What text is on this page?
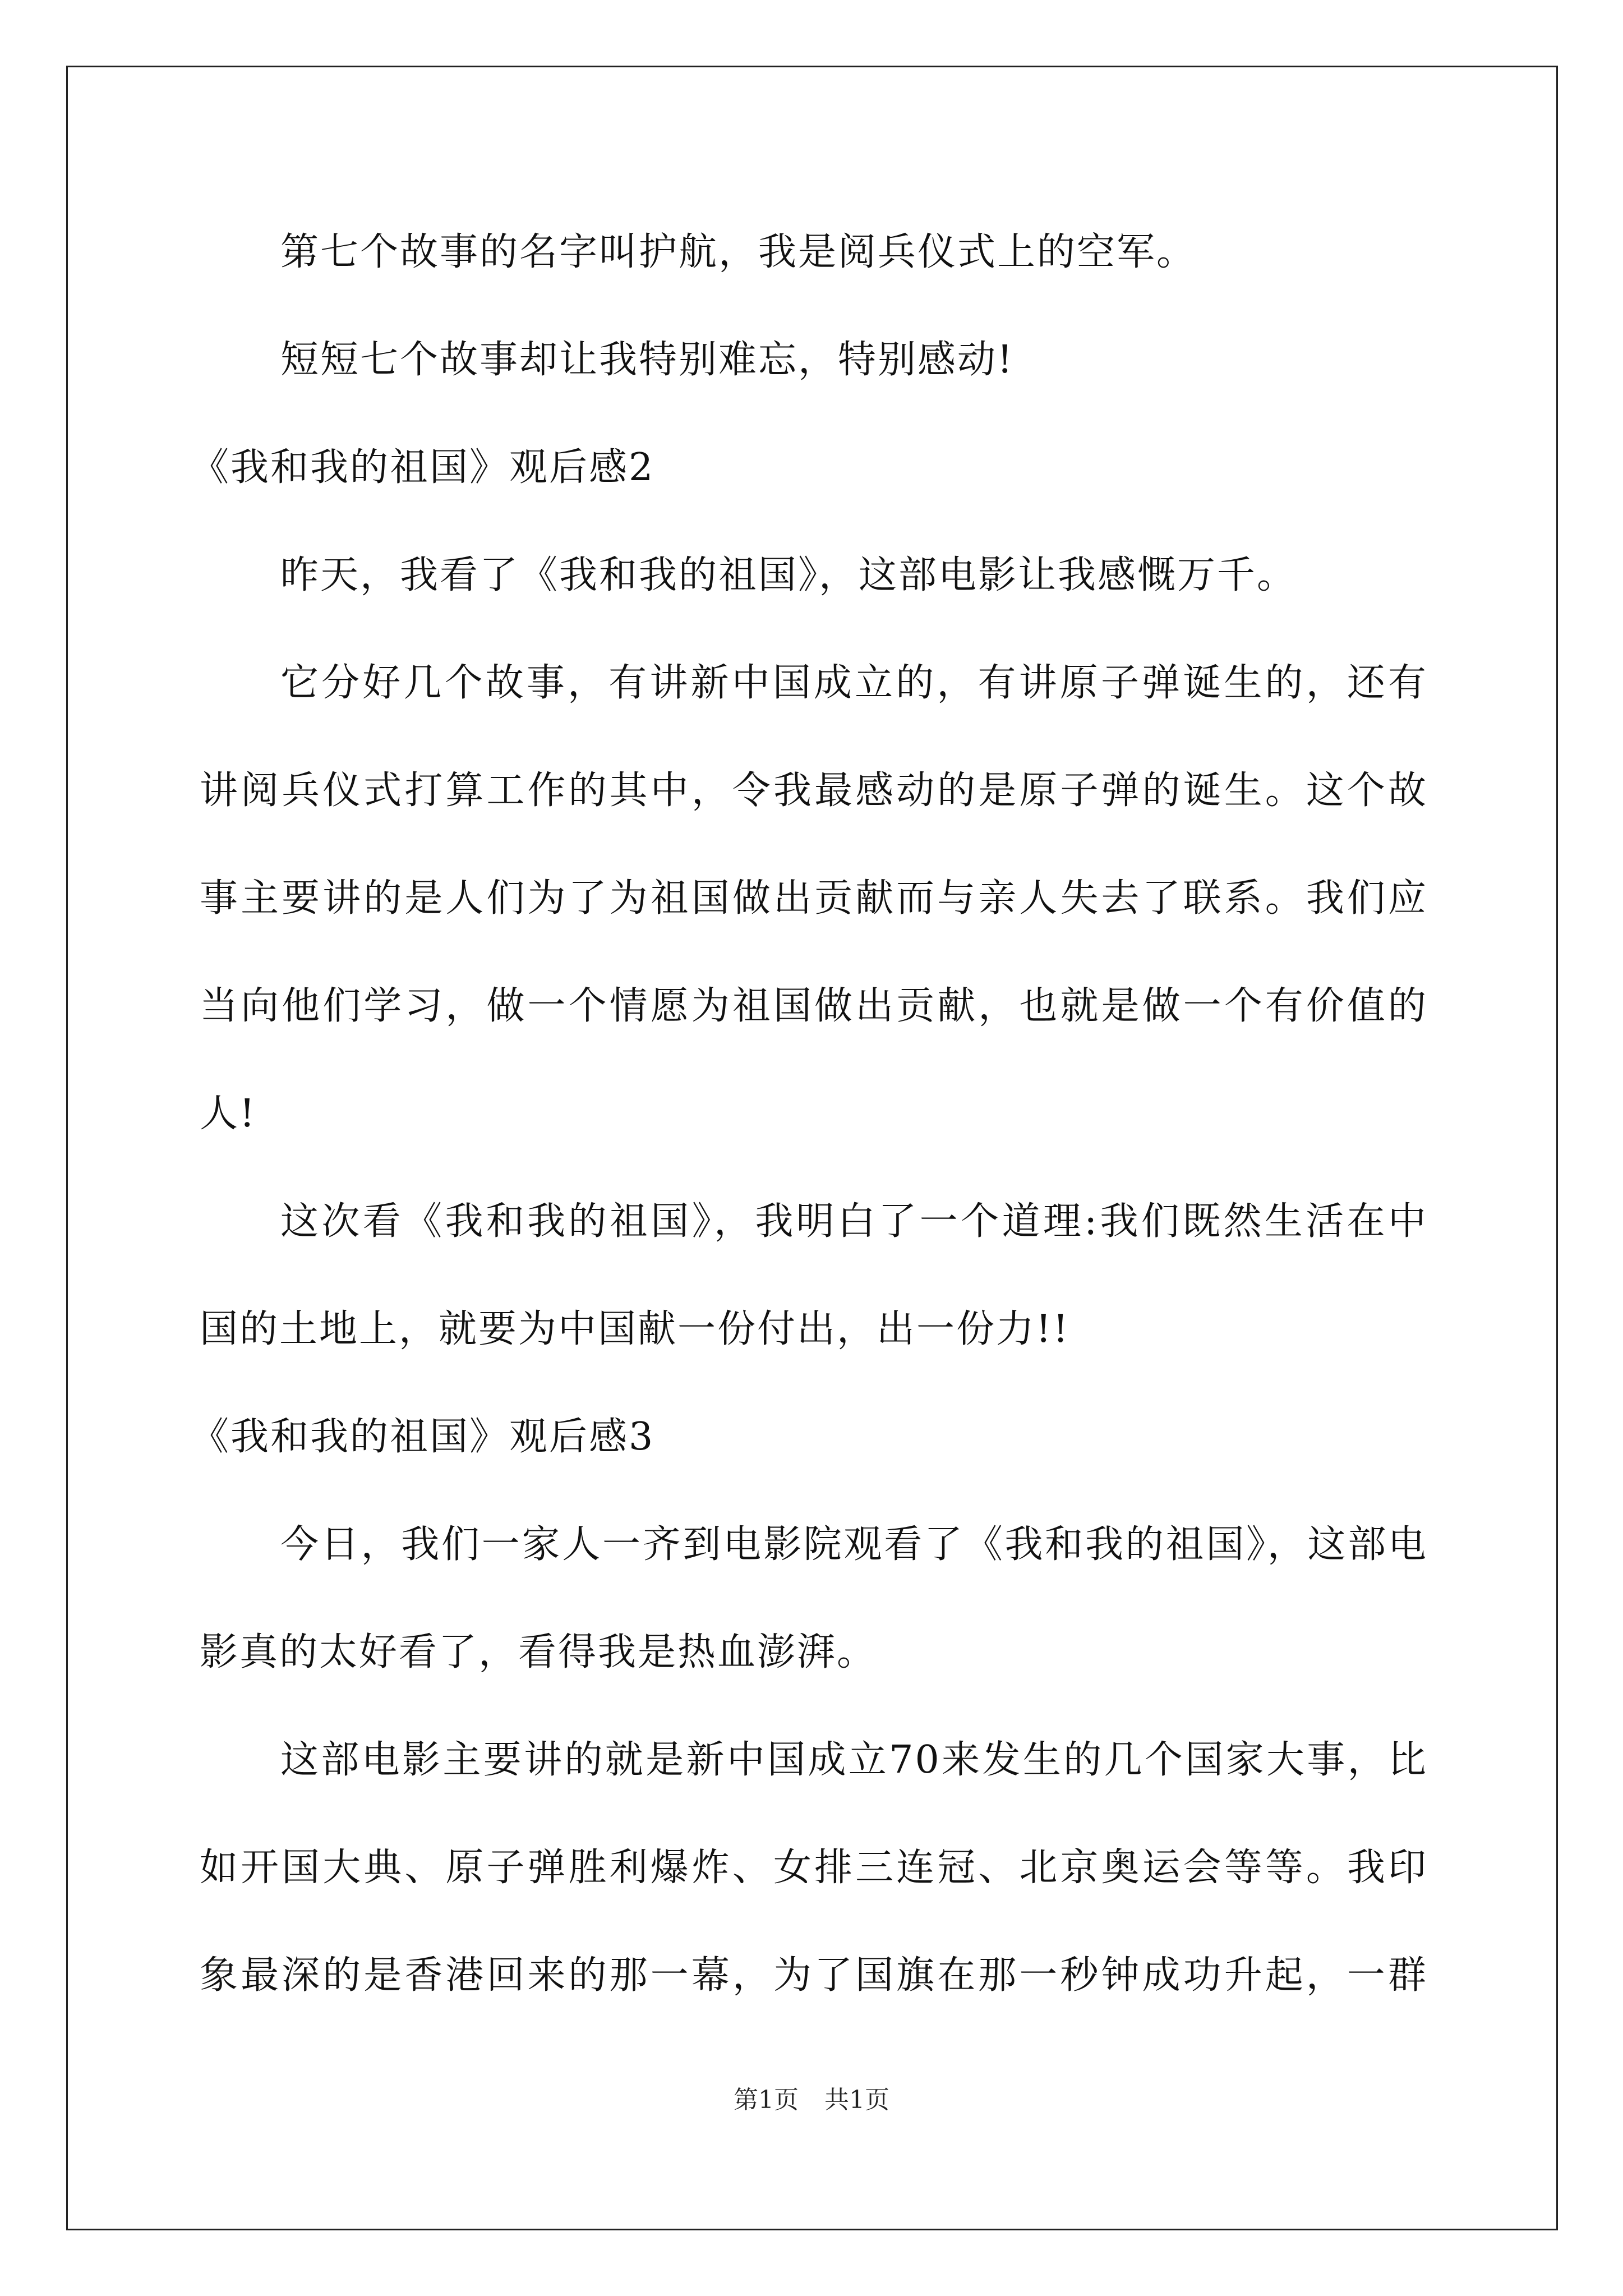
第七个故事的名字叫护航，我是阅兵仪式上的空军。
短短七个故事却让我特别难忘，特别感动!
《我和我的祖国》观后感2
昨天，我看了《我和我的祖国》，这部电影让我感慨万千。
它分好几个故事，有讲新中国成立的，有讲原子弹诞生的，还有
讲阅兵仪式打算工作的其中，令我最感动的是原子弹的诞生。这个故
事主要讲的是人们为了为祖国做出贡献而与亲人失去了联系。我们应
当向他们学习，做一个情愿为祖国做出贡献，也就是做一个有价值的
人!
这次看《我和我的祖国》，我明白了一个道理:我们既然生活在中
国的土地上，就要为中国献一份付出，出一份力!!
《我和我的祖国》观后感3
今日，我们一家人一齐到电影院观看了《我和我的祖国》，这部电
影真的太好看了，看得我是热血澎湃。
这部电影主要讲的就是新中国成立70来发生的几个国家大事，比
如开国大典、原子弹胜利爆炸、女排三连冠、北京奥运会等等。我印
象最深的是香港回来的那一幕，为了国旗在那一秒钟成功升起，一群
第1页 共1页
